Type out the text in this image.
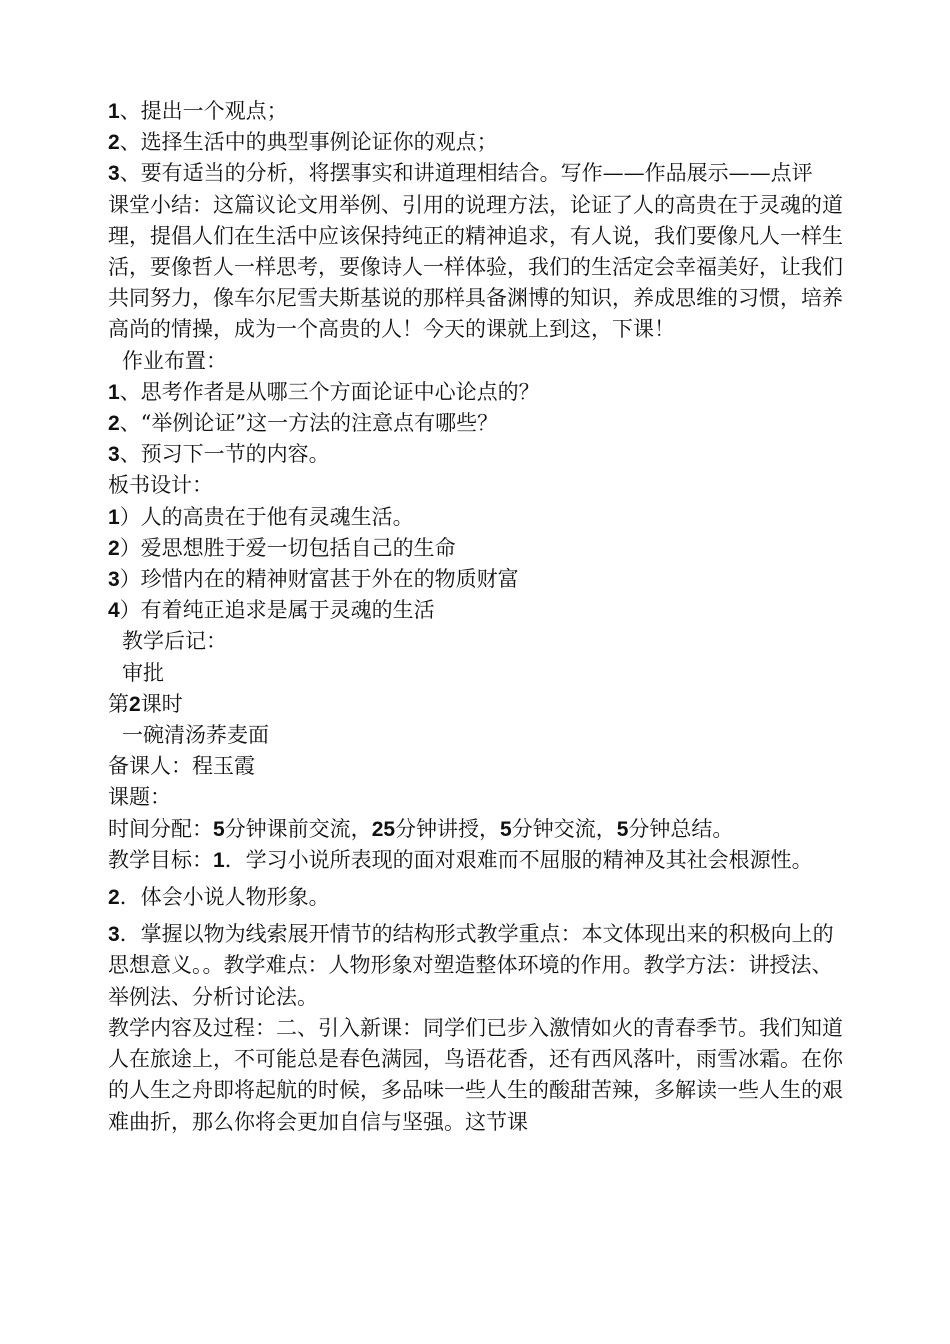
1、提出一个观点；
2、选择生活中的典型事例论证你的观点；
3、要有适当的分析，将摆事实和讲道理相结合。写作——作品展示——点评
课堂小结：这篇议论文用举例、引用的说理方法，论证了人的高贵在于灵魂的道理，提倡人们在生活中应该保持纯正的精神追求，有人说，我们要像凡人一样生活，要像哲人一样思考，要像诗人一样体验，我们的生活定会幸福美好，让我们共同努力，像车尔尼雪夫斯基说的那样具备渊博的知识，养成思维的习惯，培养高尚的情操，成为一个高贵的人！今天的课就上到这，下课！
作业布置：
1、思考作者是从哪三个方面论证中心论点的？
2、“举例论证”这一方法的注意点有哪些？
3、预习下一节的内容。
板书设计：
1）人的高贵在于他有灵魂生活。
2）爱思想胜于爱一切包括自己的生命
3）珍惜内在的精神财富甚于外在的物质财富
4）有着纯正追求是属于灵魂的生活
教学后记：
审批
第2课时
一碗清汤荞麦面
备课人：程玉霞
课题：
时间分配：5分钟课前交流，25分钟讲授，5分钟交流，5分钟总结。
教学目标：1．学习小说所表现的面对艰难而不屈服的精神及其社会根源性。
2．体会小说人物形象。
3．掌握以物为线索展开情节的结构形式教学重点：本文体现出来的积极向上的思想意义。。教学难点：人物形象对塑造整体环境的作用。教学方法：讲授法、举例法、分析讨论法。
教学内容及过程：二、引入新课：同学们已步入激情如火的青春季节。我们知道人在旅途上，不可能总是春色满园，鸟语花香，还有西风落叶，雨雪冰霜。在你的人生之舟即将起航的时候，多品味一些人生的酸甜苦辣，多解读一些人生的艰难曲折，那么你将会更加自信与坚强。这节课
